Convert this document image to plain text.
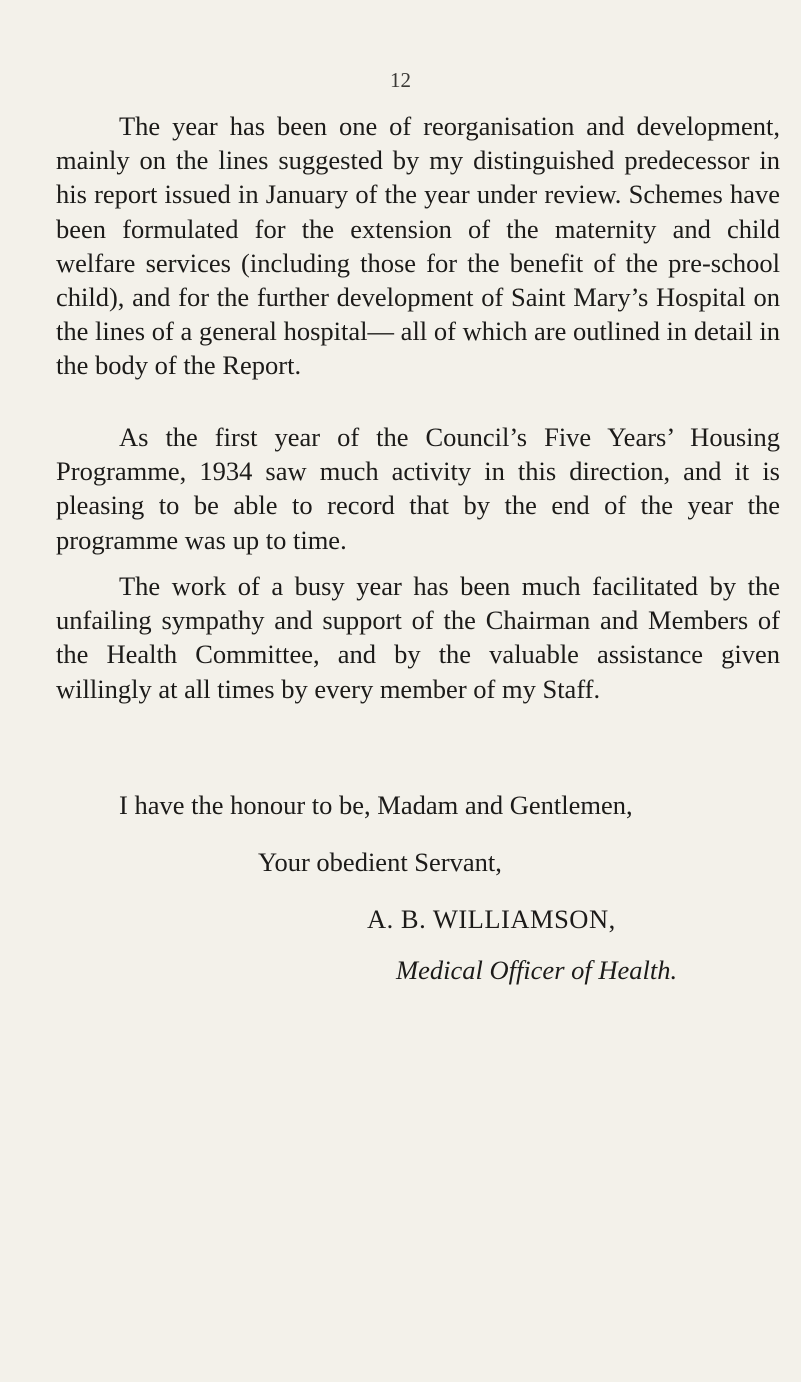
12

The year has been one of reorganisation and development, mainly on the lines suggested by my distinguished predecessor in his report issued in January of the year under review. Schemes have been formulated for the extension of the maternity and child welfare services (including those for the benefit of the pre-school child), and for the further development of Saint Mary’s Hospital on the lines of a general hospital— all of which are outlined in detail in the body of the Report.

As the first year of the Council’s Five Years’ Housing Programme, 1934 saw much activity in this direction, and it is pleasing to be able to record that by the end of the year the programme was up to time.

The work of a busy year has been much facilitated by the unfailing sympathy and support of the Chairman and Members of the Health Committee, and by the valuable assistance given willingly at all times by every member of my Staff.

I have the honour to be, Madam and Gentlemen,

Your obedient Servant,

A. B. WILLIAMSON,

Medical Officer of Health.
